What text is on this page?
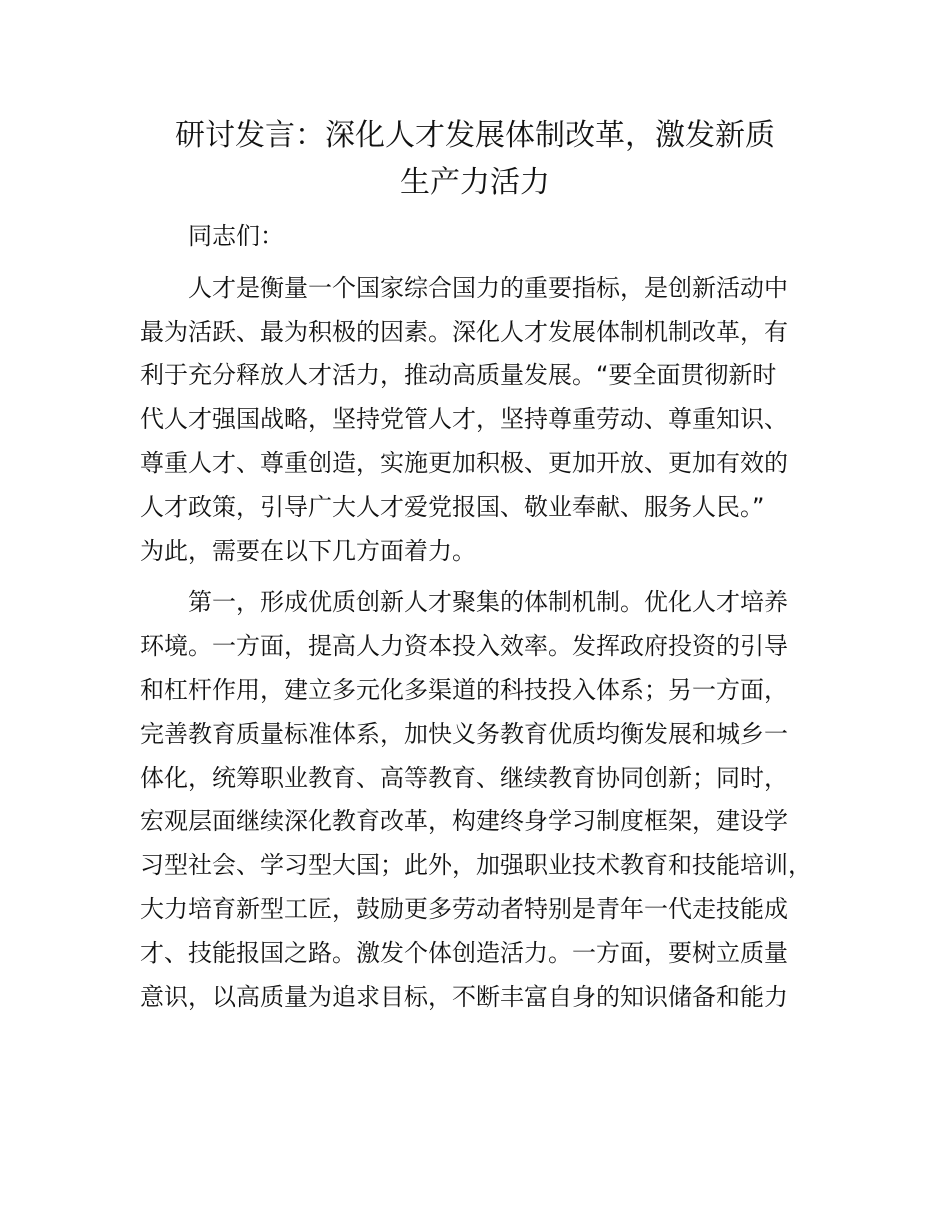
研讨发言：深化人才发展体制改革，激发新质
生产力活力
同志们：
人才是衡量一个国家综合国力的重要指标，是创新活动中
最为活跃、最为积极的因素。深化人才发展体制机制改革，有
利于充分释放人才活力，推动高质量发展。“要全面贯彻新时
代人才强国战略，坚持党管人才，坚持尊重劳动、尊重知识、
尊重人才、尊重创造，实施更加积极、更加开放、更加有效的
人才政策，引导广大人才爱党报国、敬业奉献、服务人民。”
为此，需要在以下几方面着力。
第一，形成优质创新人才聚集的体制机制。优化人才培养
环境。一方面，提高人力资本投入效率。发挥政府投资的引导
和杠杆作用，建立多元化多渠道的科技投入体系；另一方面，
完善教育质量标准体系，加快义务教育优质均衡发展和城乡一
体化，统筹职业教育、高等教育、继续教育协同创新；同时，
宏观层面继续深化教育改革，构建终身学习制度框架，建设学
习型社会、学习型大国；此外，加强职业技术教育和技能培训，
大力培育新型工匠，鼓励更多劳动者特别是青年一代走技能成
才、技能报国之路。激发个体创造活力。一方面，要树立质量
意识，以高质量为追求目标，不断丰富自身的知识储备和能力
